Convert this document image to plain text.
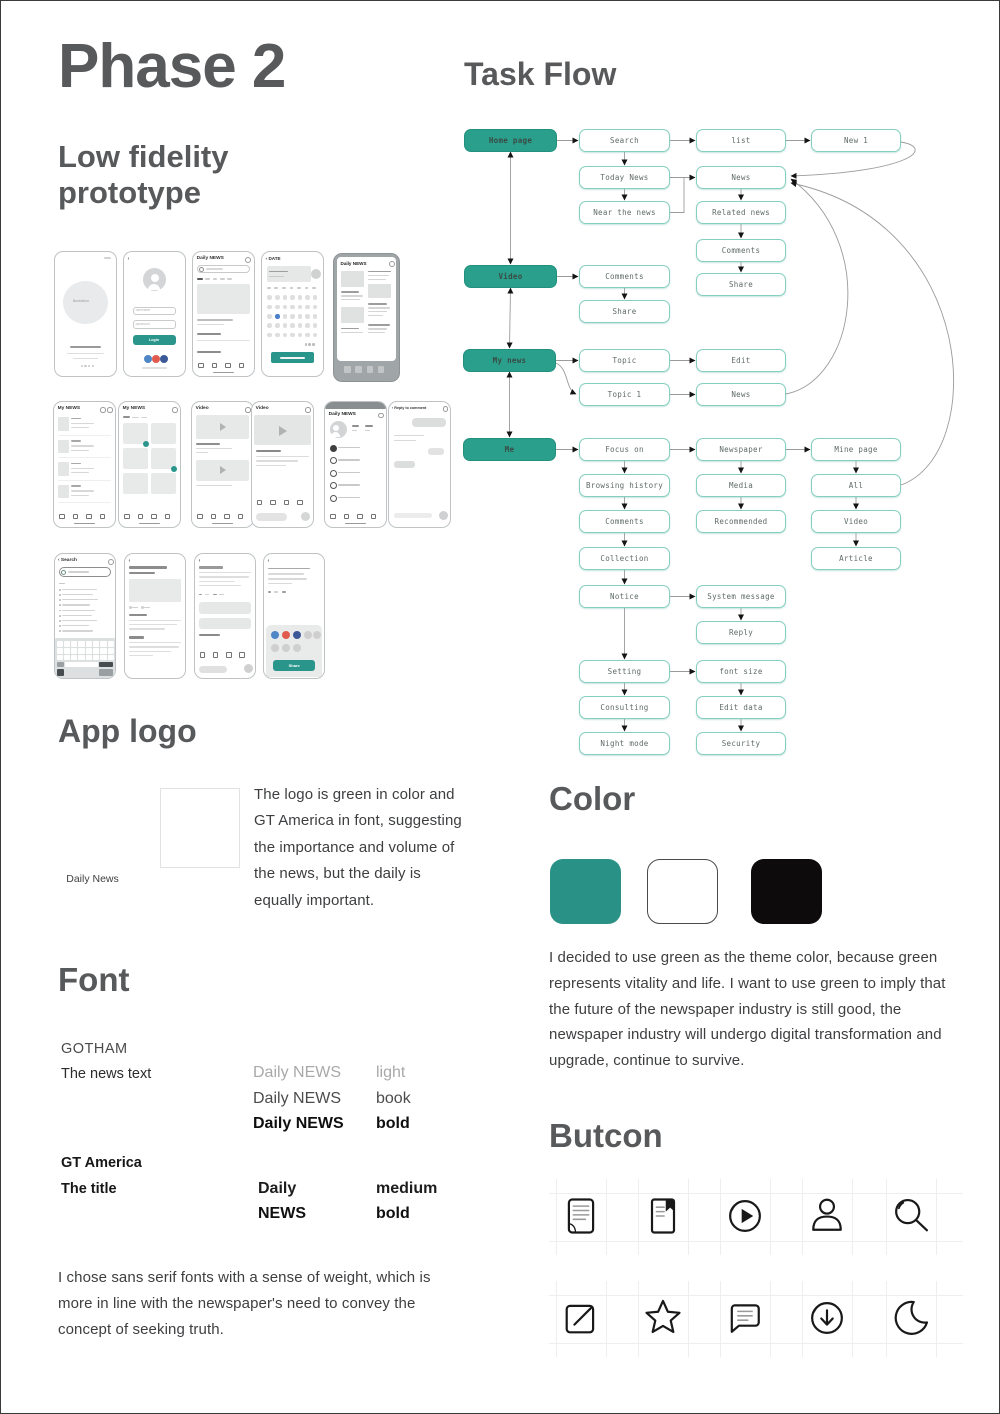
Phase 2
Low fidelity
prototype
Task Flow
Home page
Video
My news
Me
Search
Today News
Near the news
Comments
Share
Topic
Topic 1
Focus on
Browsing history
Comments
Collection
Notice
Setting
Consulting
Night mode
list
News
Related news
Comments
Share
Edit
News
Newspaper
Media
Recommended
System message
Reply
font size
Edit data
Security
New 1
Mine page
All
Video
Article
Illustration
‹
username
password
Login
Daily NEWS	‹ DATE
Daily NEWS
My NEWS	My NEWS	Video	Video
Daily NEWS
‹ Reply to comment
‹ Search	‹	‹	‹
Share
App logo
Daily
NEWS
Daily
NEWS
Daily News
The logo is green in color and GT America in font, suggesting the importance and volume of the news, but the daily is equally important.
Font
GOTHAM
The news text	Daily NEWS light
Daily NEWS book
Daily NEWS bold
GT America
The title	Daily	medium
NEWS	bold
I chose sans serif fonts with a sense of weight, which is more in line with the newspaper's need to convey the concept of seeking truth.
Color
I decided to use green as the theme color, because green represents vitality and life. I want to use green to imply that the future of the newspaper industry is still good, the newspaper industry will undergo digital transformation and upgrade, continue to survive.
Butcon
